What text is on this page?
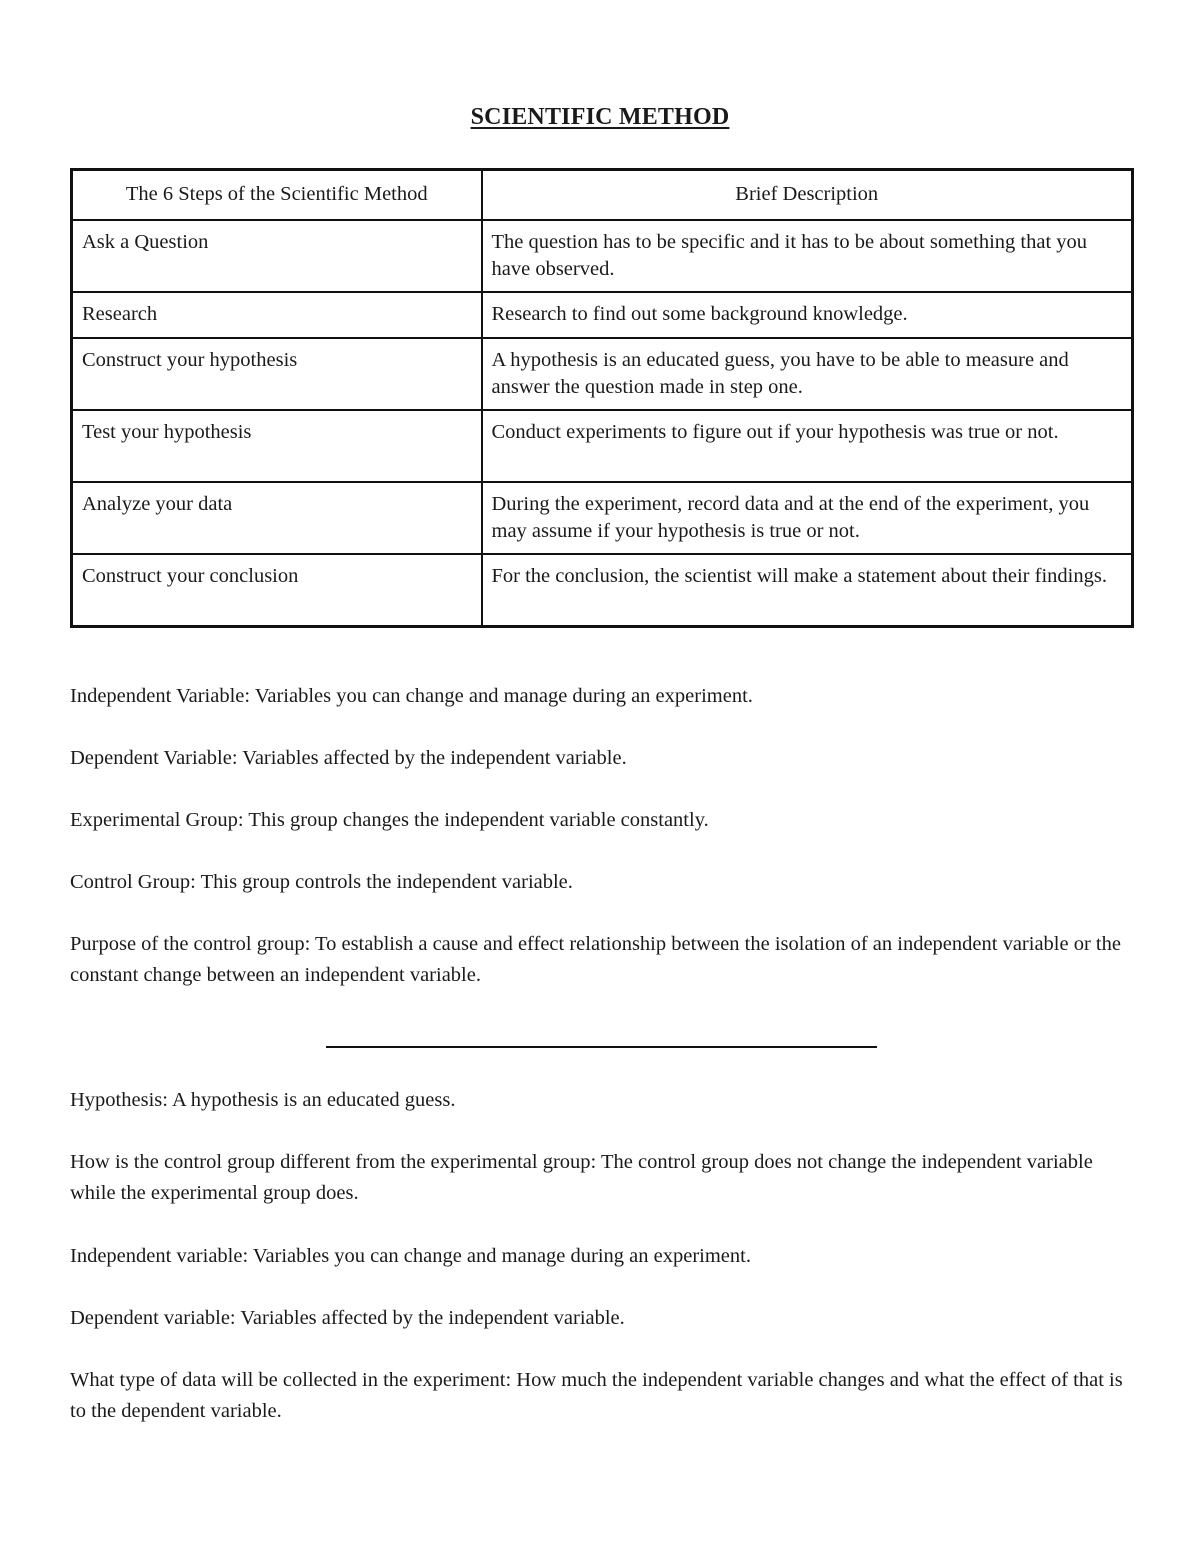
SCIENTIFIC METHOD
The 6 Steps of the Scientific Method	Brief Description
Ask a Question	The question has to be specific and it has to be about something that you have observed.
Research	Research to find out some background knowledge.
Construct your hypothesis	A hypothesis is an educated guess, you have to be able to measure and answer the question made in step one.
Test your hypothesis	Conduct experiments to figure out if your hypothesis was true or not.
Analyze your data	During the experiment, record data and at the end of the experiment, you may assume if your hypothesis is true or not.
Construct your conclusion	For the conclusion, the scientist will make a statement about their findings.
Independent Variable: Variables you can change and manage during an experiment.
Dependent Variable: Variables affected by the independent variable.
Experimental Group: This group changes the independent variable constantly.
Control Group: This group controls the independent variable.
Purpose of the control group: To establish a cause and effect relationship between the isolation of an independent variable or the constant change between an independent variable.
Hypothesis: A hypothesis is an educated guess.
How is the control group different from the experimental group: The control group does not change the independent variable while the experimental group does.
Independent variable: Variables you can change and manage during an experiment.
Dependent variable: Variables affected by the independent variable.
What type of data will be collected in the experiment: How much the independent variable changes and what the effect of that is to the dependent variable.
